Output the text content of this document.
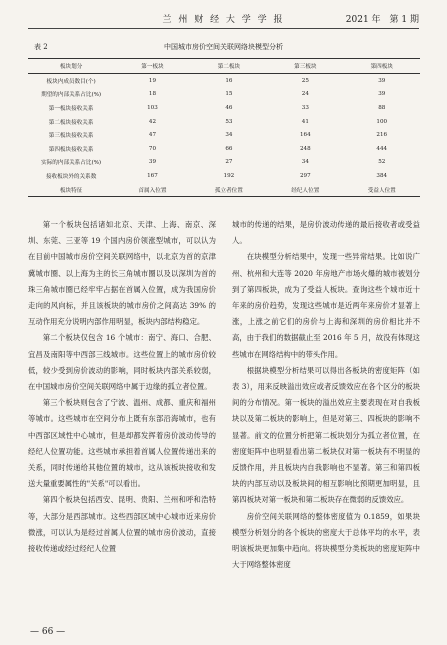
兰 州 财 经 大 学 学 报	2021 年　第 1 期
表 2	中国城市房价空间关联网络块模型分析
板块划分	第一板块	第二板块	第三板块	第四板块
板块内成员数目(个)	19	16	25	39
期望的内部关系占比(%)	18	15	24	39
第一板块接收关系	103	46	33	88
第二板块接收关系	42	53	41	100
第三板块接收关系	47	34	164	216
第四板块接收关系	70	66	248	444
实际的内部关系占比(%)	39	27	34	52
接收板块外的关系数	167	192	297	384
板块特征	首属入位置	孤立者位置	经纪人位置	受益人位置

第一个板块包括诸如北京、天津、上海、南京、深圳、东莞、三亚等 19 个国内房价领涨型城市，可以认为在目前中国城市房价空间关联网络中，以北京为首的京津冀城市圈、以上海为主的长三角城市圈以及以深圳为首的珠三角城市圈已经牢牢占据在首属入位置，成为我国房价走向的风向标，并且该板块的城市房价之间高达 39% 的互动作用充分说明内部作用明显，板块内部结构稳定。

第二个板块仅包含 16 个城市：南宁、海口、合肥、宜昌及南阳等中西部三线城市。这些位置上的城市房价较低，较少受到房价波动的影响，同时板块内部关系较弱，在中国城市房价空间关联网络中属于边缘的孤立者位置。

第三个板块则包含了宁波、温州、成都、重庆和福州等城市。这些城市在空间分布上既有东部沿海城市，也有中西部区域性中心城市，但是却都发挥着房价波动传导的经纪人位置功能。这些城市承担着首属人位置传递出来的关系，同时传递给其他位置的城市，这从该板块接收和发送大量重要属性的"关系"可以看出。

第四个板块包括西安、昆明、贵阳、兰州和呼和浩特等，大部分是西部城市。这些西部区域中心城市近来房价微涨，可以认为是经过首属人位置的城市房价波动，直接接收传递或经过经纪人位置

城市的传递的结果，是房价波动传递的最后接收者或受益人。

在块模型分析结果中，发现一些异常结果。比如说广州、杭州和大连等 2020 年房地产市场火爆的城市被划分到了第四板块，成为了受益人板块。查询这些个城市近十年来的房价趋势，发现这些城市是近两年来房价才显著上涨，上涨之前它们的房价与上海和深圳的房价相比并不高，由于我们的数据截止至 2016 年 5 月，故没有体现这些城市在网络结构中的带头作用。

根据块模型分析结果可以得出各板块的密度矩阵（如表 3），用来反映溢出效应或者反馈效应在各个区分的板块间的分布情况。第一板块的溢出效应主要表现在对自我板块以及第二板块的影响上，但是对第三、四板块的影响不显著。前文的位置分析把第二板块划分为孤立者位置，在密度矩阵中也明显看出第二板块仅对第一板块有不明显的反馈作用，并且板块内自我影响也不显著。第三和第四板块的内部互动以及板块间的相互影响比预期更加明显，且第四板块对第一板块和第二板块存在微弱的反馈效应。

房价空间关联网络的整体密度值为 0.1859，如果块模型分析划分的各个板块的密度大于总体平均的水平，表明该板块更加集中趋向。将块模型分类板块的密度矩阵中大于网络整体密度

— 66 —
